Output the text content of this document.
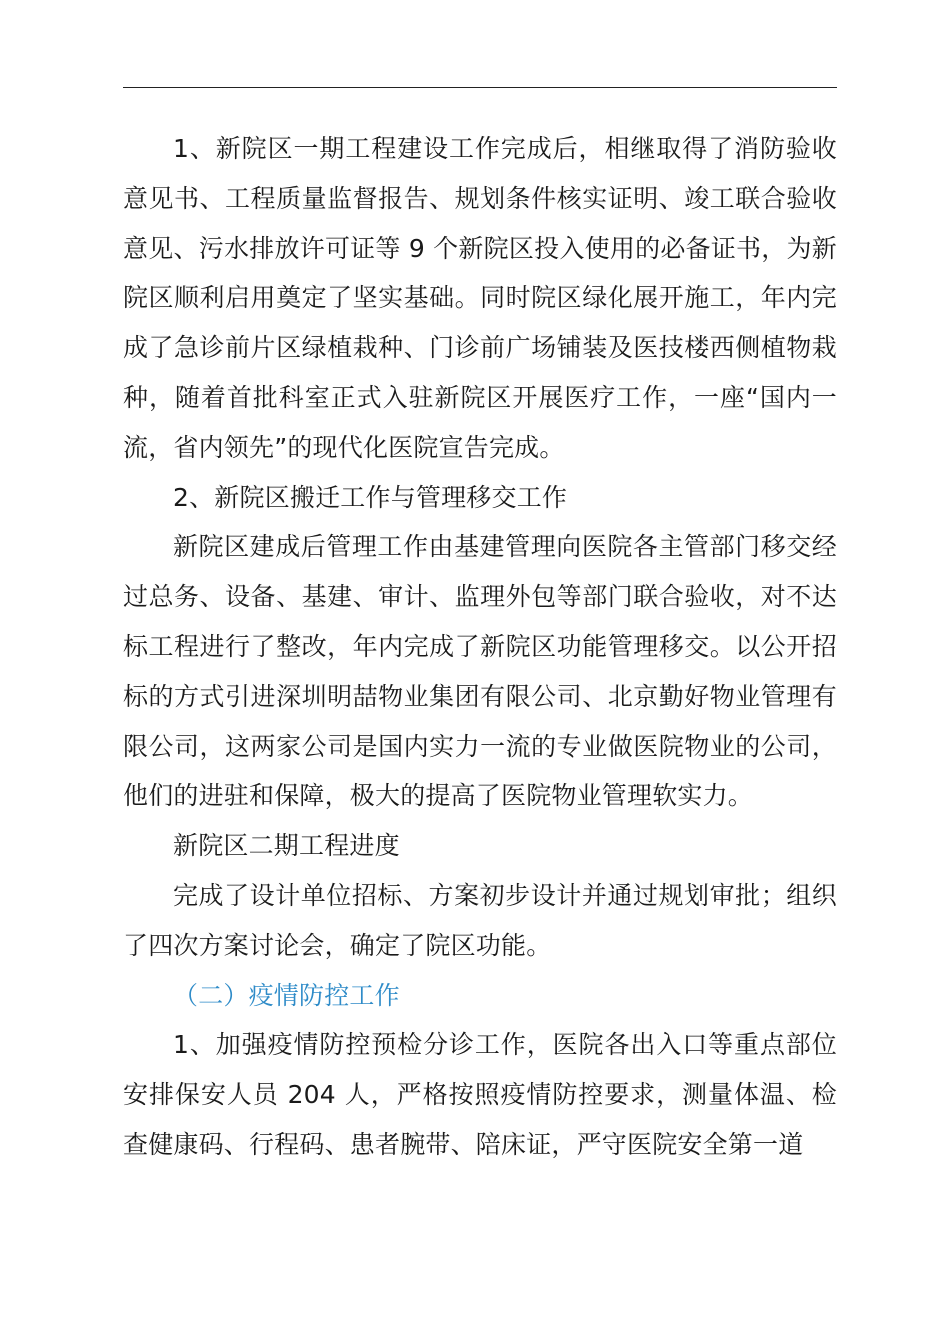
1、新院区一期工程建设工作完成后，相继取得了消防验收意见书、工程质量监督报告、规划条件核实证明、竣工联合验收意见、污水排放许可证等 9 个新院区投入使用的必备证书，为新院区顺利启用奠定了坚实基础。同时院区绿化展开施工，年内完成了急诊前片区绿植栽种、门诊前广场铺装及医技楼西侧植物栽种，随着首批科室正式入驻新院区开展医疗工作，一座“国内一流，省内领先”的现代化医院宣告完成。

2、新院区搬迁工作与管理移交工作

新院区建成后管理工作由基建管理向医院各主管部门移交经过总务、设备、基建、审计、监理外包等部门联合验收，对不达标工程进行了整改，年内完成了新院区功能管理移交。以公开招标的方式引进深圳明喆物业集团有限公司、北京勤好物业管理有限公司，这两家公司是国内实力一流的专业做医院物业的公司，他们的进驻和保障，极大的提高了医院物业管理软实力。

新院区二期工程进度

完成了设计单位招标、方案初步设计并通过规划审批；组织了四次方案讨论会，确定了院区功能。

（二）疫情防控工作

1、加强疫情防控预检分诊工作，医院各出入口等重点部位安排保安人员 204 人，严格按照疫情防控要求，测量体温、检查健康码、行程码、患者腕带、陪床证，严守医院安全第一道
